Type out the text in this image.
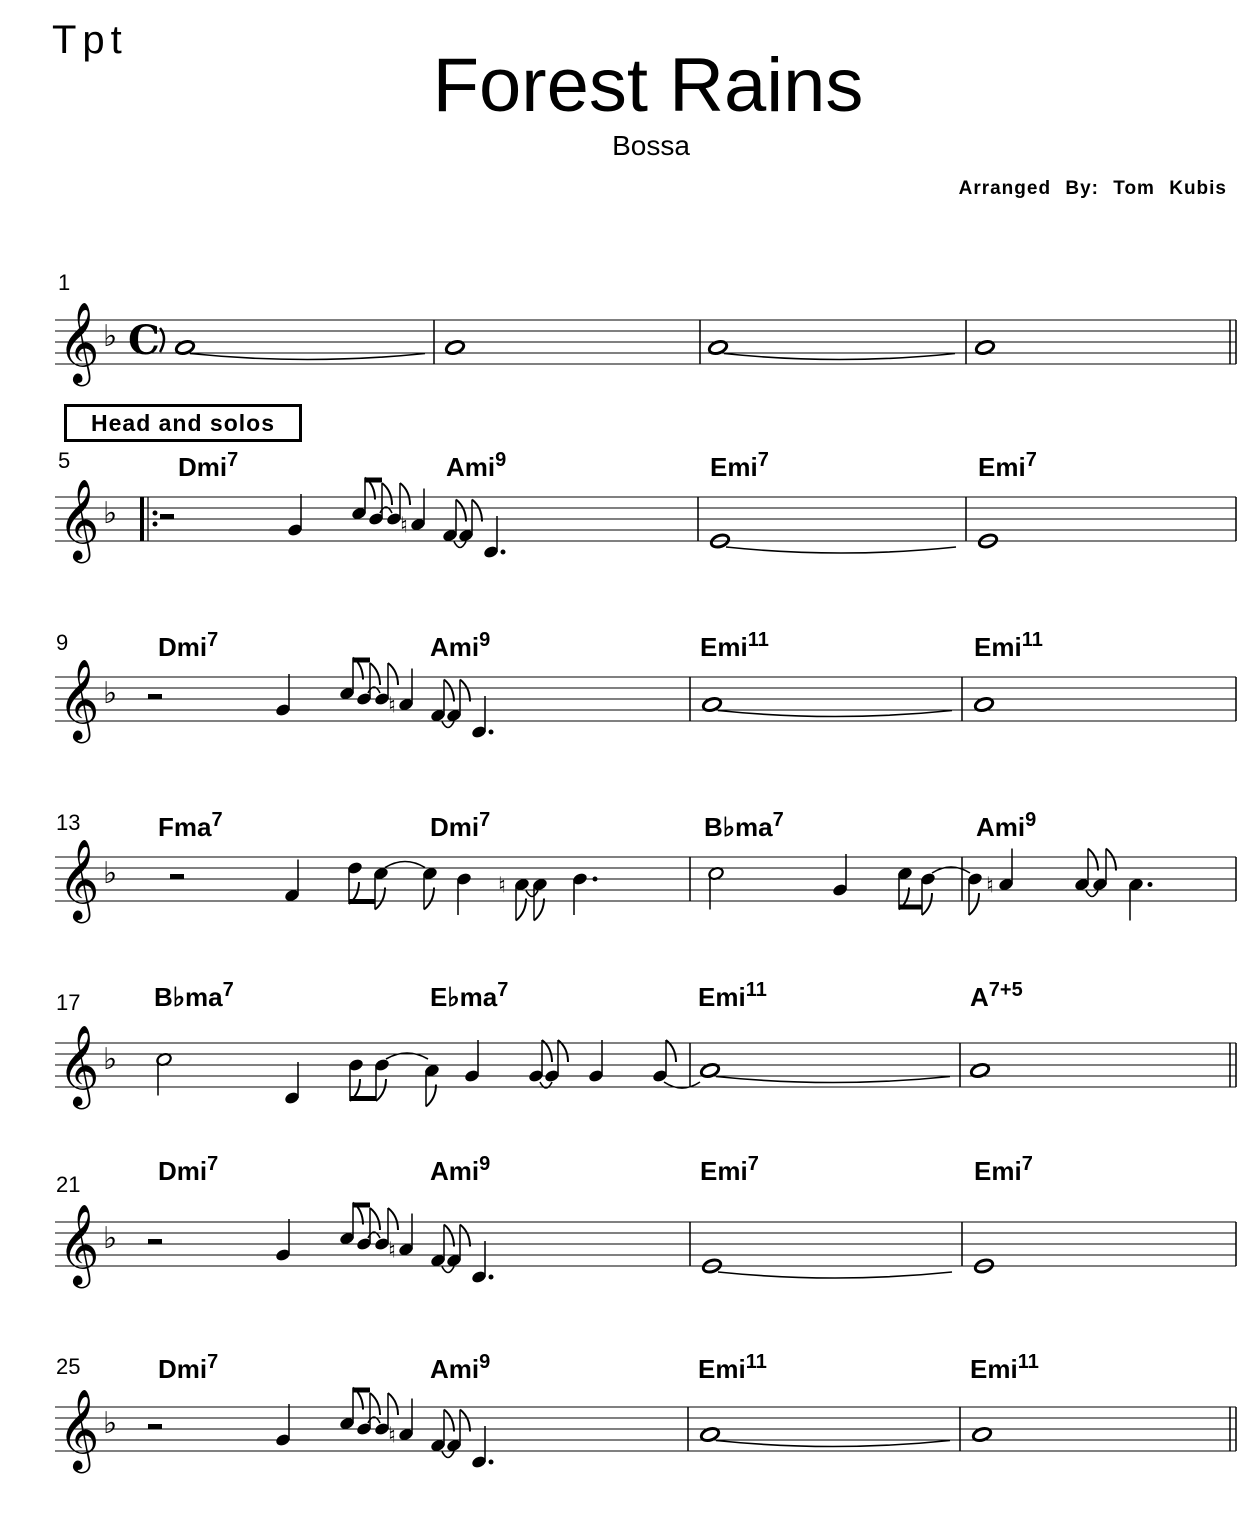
Tpt
Forest Rains
Bossa
Arranged By: Tom Kubis
Head and solos
𝄞 ♭
1
C
𝄞 ♭
5	Dmi$^7$	Ami$^9$	Emi$^7$	Emi$^7$
♮
𝄞 ♭
9	Dmi$^7$	Ami$^9$	Emi$^{11}$	Emi$^{11}$
♮
𝄞 ♭
13	Fma$^7$	Dmi$^7$	$B♭ma^7$	Ami$^9$
♮	♮
𝄞 ♭
17	$B♭ma^7$	$E♭ma^7$	Emi$^{11}$	$A^{7+5}$
𝄞 ♭
21	Dmi$^7$	Ami$^9$	Emi$^7$	Emi$^7$
♮
𝄞 ♭
25	Dmi$^7$	Ami$^9$	Emi$^{11}$	Emi$^{11}$
♮
